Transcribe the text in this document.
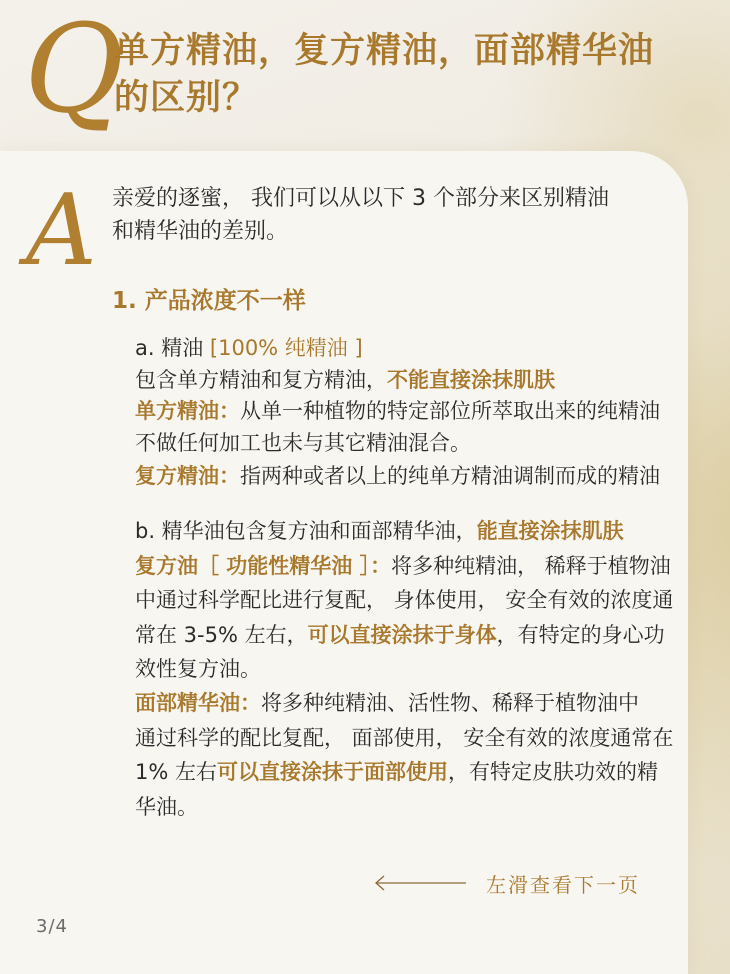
Q
单方精油，复方精油，面部精华油
的区别？
A 亲爱的逐蜜， 我们可以从以下 3 个部分来区别精油
和精华油的差别。
1. 产品浓度不一样
a. 精油 [100% 纯精油 ]
包含单方精油和复方精油，不能直接涂抹肌肤
单方精油：从单一种植物的特定部位所萃取出来的纯精油
不做任何加工也未与其它精油混合。
复方精油：指两种或者以上的纯单方精油调制而成的精油
b. 精华油包含复方油和面部精华油，能直接涂抹肌肤
复方油［ 功能性精华油 ］：将多种纯精油， 稀释于植物油
中通过科学配比进行复配， 身体使用， 安全有效的浓度通
常在 3-5% 左右，可以直接涂抹于身体，有特定的身心功
效性复方油。
面部精华油：将多种纯精油、活性物、稀释于植物油中
通过科学的配比复配， 面部使用， 安全有效的浓度通常在
1% 左右可以直接涂抹于面部使用，有特定皮肤功效的精
华油。
左滑查看下一页
3/4
